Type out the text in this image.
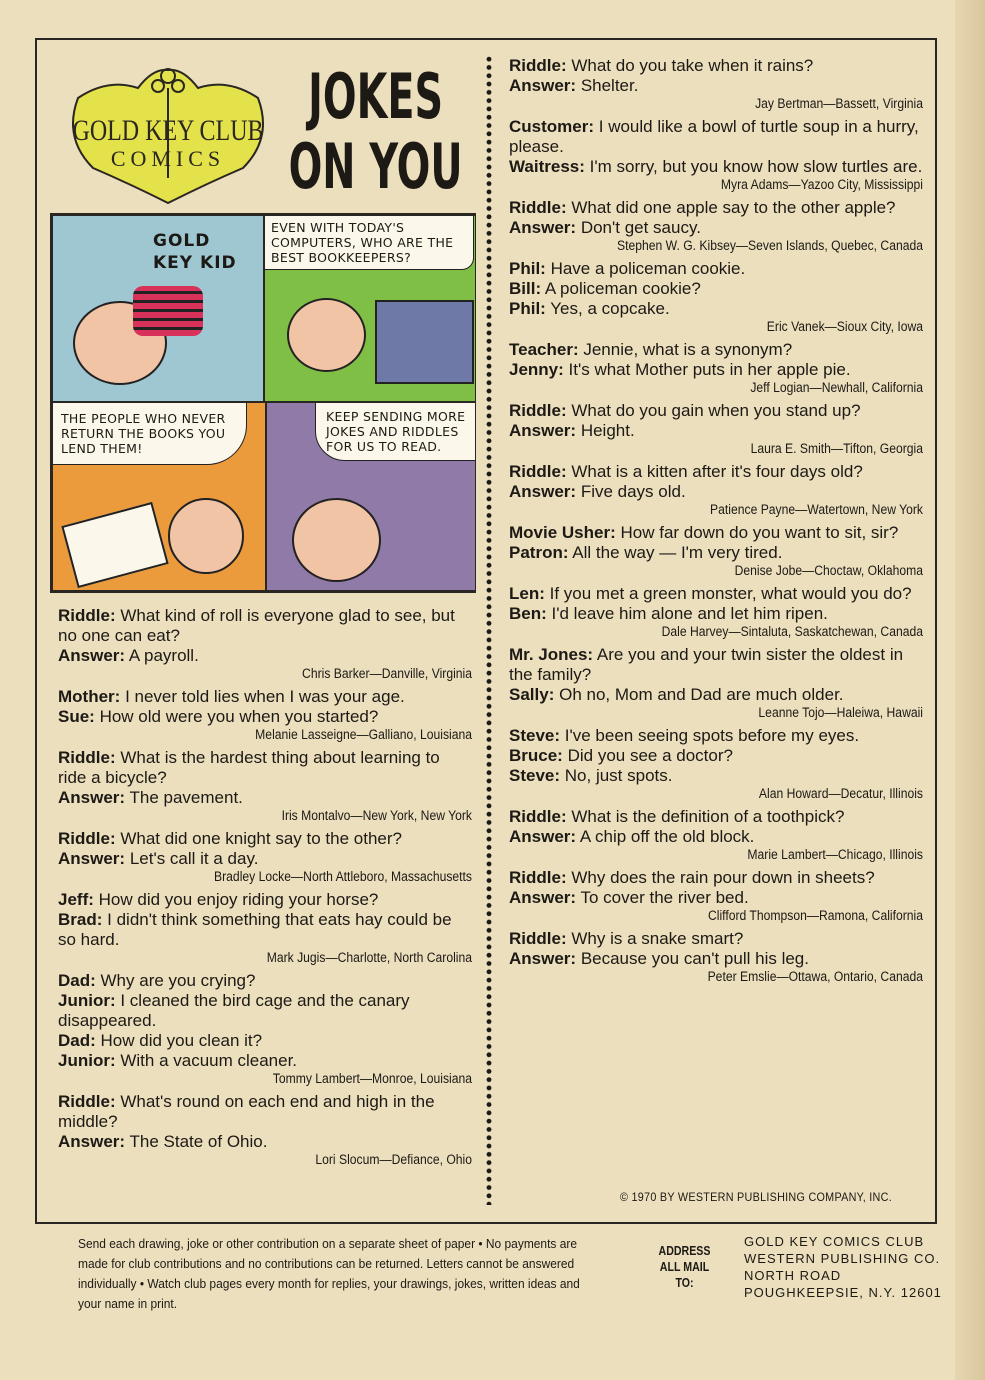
GOLD KEY CLUB
COMICS
JOKES
ON YOU
GOLD KEY KID
EVEN WITH TODAY'S COMPUTERS, WHO ARE THE BEST BOOKKEEPERS?
THE PEOPLE WHO NEVER RETURN THE BOOKS YOU LEND THEM!
KEEP SENDING MORE JOKES AND RIDDLES FOR US TO READ.
Riddle: What kind of roll is everyone glad to see, but no one can eat?
Answer: A payroll.
Chris Barker—Danville, Virginia
Mother: I never told lies when I was your age.
Sue: How old were you when you started?
Melanie Lasseigne—Galliano, Louisiana
Riddle: What is the hardest thing about learning to ride a bicycle?
Answer: The pavement.
Iris Montalvo—New York, New York
Riddle: What did one knight say to the other?
Answer: Let's call it a day.
Bradley Locke—North Attleboro, Massachusetts
Jeff: How did you enjoy riding your horse?
Brad: I didn't think something that eats hay could be so hard.
Mark Jugis—Charlotte, North Carolina
Dad: Why are you crying?
Junior: I cleaned the bird cage and the canary disappeared.
Dad: How did you clean it?
Junior: With a vacuum cleaner.
Tommy Lambert—Monroe, Louisiana
Riddle: What's round on each end and high in the middle?
Answer: The State of Ohio.
Lori Slocum—Defiance, Ohio
Riddle: What do you take when it rains?
Answer: Shelter.
Jay Bertman—Bassett, Virginia
Customer: I would like a bowl of turtle soup in a hurry, please.
Waitress: I'm sorry, but you know how slow turtles are.
Myra Adams—Yazoo City, Mississippi
Riddle: What did one apple say to the other apple?
Answer: Don't get saucy.
Stephen W. G. Kibsey—Seven Islands, Quebec, Canada
Phil: Have a policeman cookie.
Bill: A policeman cookie?
Phil: Yes, a copcake.
Eric Vanek—Sioux City, Iowa
Teacher: Jennie, what is a synonym?
Jenny: It's what Mother puts in her apple pie.
Jeff Logian—Newhall, California
Riddle: What do you gain when you stand up?
Answer: Height.
Laura E. Smith—Tifton, Georgia
Riddle: What is a kitten after it's four days old?
Answer: Five days old.
Patience Payne—Watertown, New York
Movie Usher: How far down do you want to sit, sir?
Patron: All the way — I'm very tired.
Denise Jobe—Choctaw, Oklahoma
Len: If you met a green monster, what would you do?
Ben: I'd leave him alone and let him ripen.
Dale Harvey—Sintaluta, Saskatchewan, Canada
Mr. Jones: Are you and your twin sister the oldest in the family?
Sally: Oh no, Mom and Dad are much older.
Leanne Tojo—Haleiwa, Hawaii
Steve: I've been seeing spots before my eyes.
Bruce: Did you see a doctor?
Steve: No, just spots.
Alan Howard—Decatur, Illinois
Riddle: What is the definition of a toothpick?
Answer: A chip off the old block.
Marie Lambert—Chicago, Illinois
Riddle: Why does the rain pour down in sheets?
Answer: To cover the river bed.
Clifford Thompson—Ramona, California
Riddle: Why is a snake smart?
Answer: Because you can't pull his leg.
Peter Emslie—Ottawa, Ontario, Canada
© 1970 BY WESTERN PUBLISHING COMPANY, INC.
Send each drawing, joke or other contribution on a separate sheet of paper • No payments are made for club contributions and no contributions can be returned. Letters cannot be answered individually • Watch club pages every month for replies, your drawings, jokes, written ideas and your name in print.
ADDRESS ALL MAIL TO:
GOLD KEY COMICS CLUB
WESTERN PUBLISHING CO.
NORTH ROAD
POUGHKEEPSIE, N.Y. 12601
